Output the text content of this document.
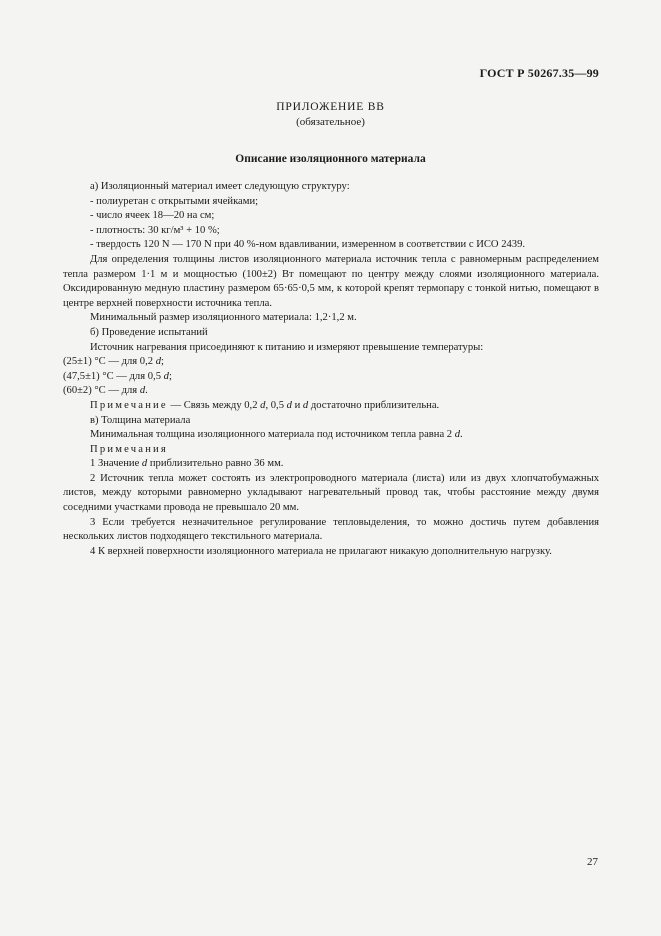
ГОСТ Р 50267.35—99
ПРИЛОЖЕНИЕ ВВ
(обязательное)
Описание изоляционного материала

а) Изоляционный материал имеет следующую структуру:

- полиуретан с открытыми ячейками;

- число ячеек 18—20 на см;

- плотность: 30 кг/м³ + 10 %;

- твердость 120 N — 170 N при 40 %-ном вдавливании, измеренном в соответствии с ИСО 2439.

Для определения толщины листов изоляционного материала источник тепла с равномерным распределением тепла размером 1·1 м и мощностью (100±2) Вт помещают по центру между слоями изоляционного материала. Оксидированную медную пластину размером 65·65·0,5 мм, к которой крепят термопару с тонкой нитью, помещают в центре верхней поверхности источника тепла.

Минимальный размер изоляционного материала: 1,2·1,2 м.

б) Проведение испытаний

Источник нагревания присоединяют к питанию и измеряют превышение температуры:

(25±1) °С — для 0,2 d;

(47,5±1) °С — для 0,5 d;

(60±2) °С — для d.

Примечание — Связь между 0,2 d, 0,5 d и d достаточно приблизительна.

в) Толщина материала

Минимальная толщина изоляционного материала под источником тепла равна 2 d.

Примечания

1 Значение d приблизительно равно 36 мм.

2 Источник тепла может состоять из электропроводного материала (листа) или из двух хлопчатобумажных листов, между которыми равномерно укладывают нагревательный провод так, чтобы расстояние между двумя соседними участками провода не превышало 20 мм.

3 Если требуется незначительное регулирование тепловыделения, то можно достичь путем добавления нескольких листов подходящего текстильного материала.

4 К верхней поверхности изоляционного материала не прилагают никакую дополнительную нагрузку.

27
